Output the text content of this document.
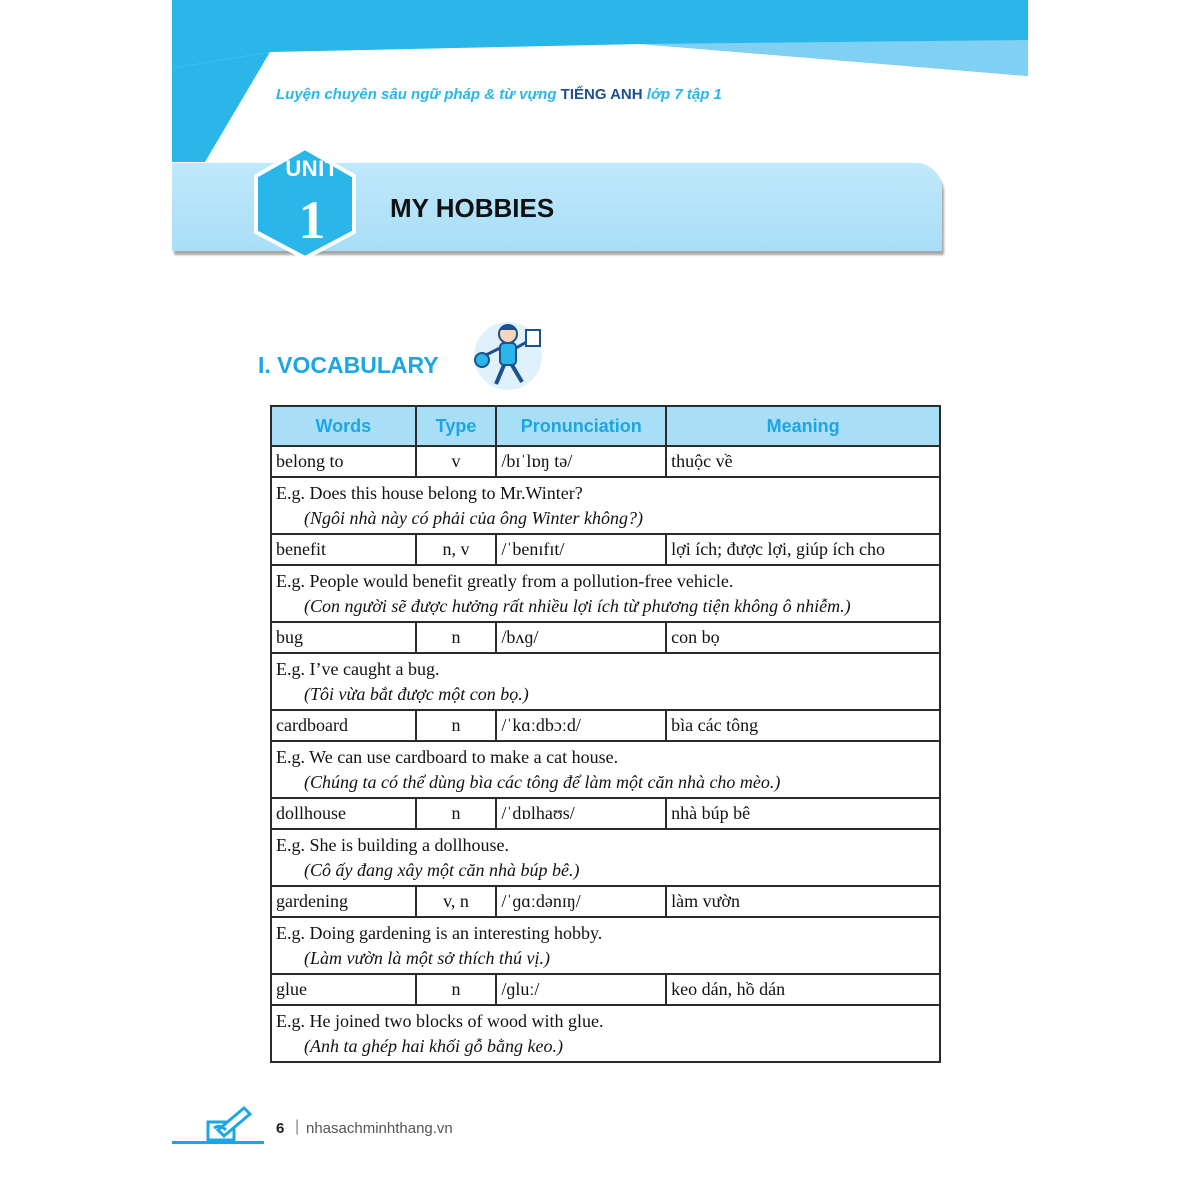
Luyện chuyên sâu ngữ pháp & từ vựng TIẾNG ANH lớp 7 tập 1
UNIT
1	MY HOBBIES
I. VOCABULARY
Words	Type	Pronunciation	Meaning
belong to	v	/bɪˈlɒŋ tə/	thuộc về
E.g. Does this house belong to Mr.Winter?
(Ngôi nhà này có phải của ông Winter không?)			

benefit	n, v	/ˈbenɪfɪt/	lợi ích; được lợi, giúp ích cho
E.g. People would benefit greatly from a pollution-free vehicle.
(Con người sẽ được hưởng rất nhiều lợi ích từ phương tiện không ô nhiễm.)			

bug	n	/bʌɡ/	con bọ
E.g. I’ve caught a bug.
(Tôi vừa bắt được một con bọ.)			

cardboard	n	/ˈkɑːdbɔːd/	bìa các tông
E.g. We can use cardboard to make a cat house.
(Chúng ta có thể dùng bìa các tông để làm một căn nhà cho mèo.)			

dollhouse	n	/ˈdɒlhaʊs/	nhà búp bê
E.g. She is building a dollhouse.
(Cô ấy đang xây một căn nhà búp bê.)			

gardening	v, n	/ˈɡɑːdənɪŋ/	làm vườn
E.g. Doing gardening is an interesting hobby.
(Làm vườn là một sở thích thú vị.)			

glue	n	/ɡluː/	keo dán, hồ dán
E.g. He joined two blocks of wood with glue.
(Anh ta ghép hai khối gỗ bằng keo.)			
6 | nhasachminhthang.vn
